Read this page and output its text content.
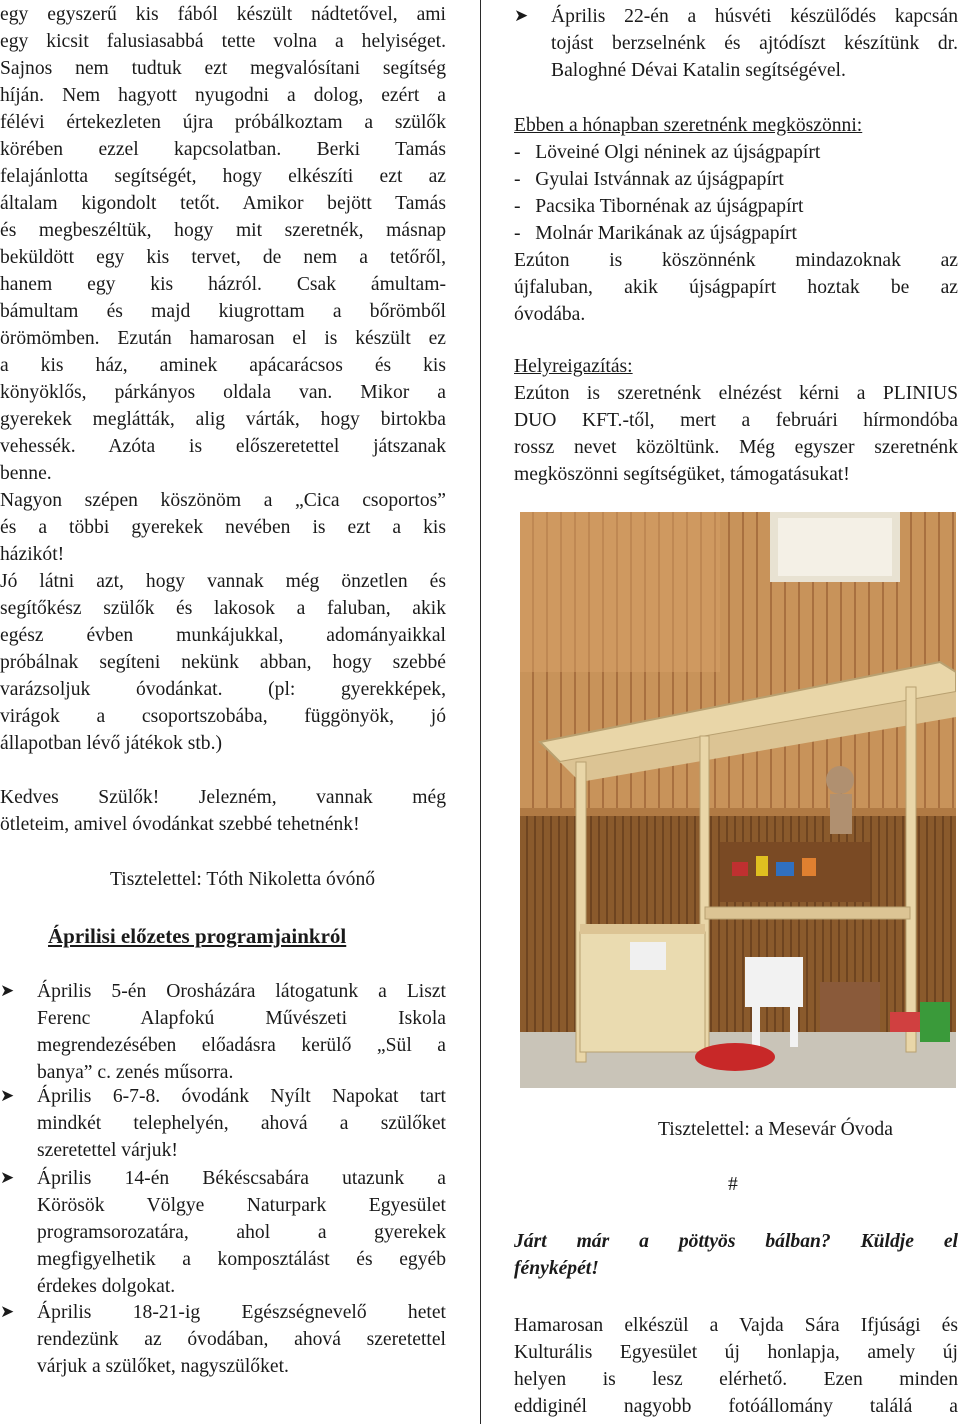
egy egyszerű kis fából készült nádtetővel, ami
egy kicsit falusiasabbá tette volna a helyiséget.
Sajnos nem tudtuk ezt megvalósítani segítség
híján. Nem hagyott nyugodni a dolog, ezért a
félévi értekezleten újra próbálkoztam a szülők
körében ezzel kapcsolatban. Berki Tamás
felajánlotta segítségét, hogy elkészíti ezt az
általam kigondolt tetőt. Amikor bejött Tamás
és megbeszéltük, hogy mit szeretnék, másnap
beküldött egy kis tervet, de nem a tetőről,
hanem egy kis házról. Csak ámultam-
bámultam és majd kiugrottam a bőrömből
örömömben. Ezután hamarosan el is készült ez
a kis ház, aminek apácarácsos és kis
könyöklős, párkányos oldala van. Mikor a
gyerekek meglátták, alig várták, hogy birtokba
vehessék. Azóta is előszeretettel játszanak
benne.
Nagyon szépen köszönöm a „Cica csoportos”
és a többi gyerekek nevében is ezt a kis
házikót!
Jó látni azt, hogy vannak még önzetlen és
segítőkész szülők és lakosok a faluban, akik
egész évben munkájukkal, adományaikkal
próbálnak segíteni nekünk abban, hogy szebbé
varázsoljuk óvodánkat. (pl: gyerekképek,
virágok a csoportszobába, függönyök, jó
állapotban lévő játékok stb.)
Kedves Szülők! Jelezném, vannak még
ötleteim, amivel óvodánkat szebbé tehetnénk!
Tisztelettel: Tóth Nikoletta óvónő
Áprilisi előzetes programjainkról
➤	Április 5-én Orosházára látogatunk a Liszt
Ferenc Alapfokú Művészeti Iskola
megrendezésében előadásra kerülő „Sül a
banya” c. zenés műsorra.
➤	Április 6-7-8. óvodánk Nyílt Napokat tart
mindkét telephelyén, ahová a szülőket
szeretettel várjuk!
➤	Április 14-én Békéscsabára utazunk a
Körösök Völgye Naturpark Egyesület
programsorozatára, ahol a gyerekek
megfigyelhetik a komposztálást és egyéb
érdekes dolgokat.
➤	Április 18-21-ig Egészségnevelő hetet
rendezünk az óvodában, ahová szeretettel
várjuk a szülőket, nagyszülőket.
➤	Április 22-én a húsvéti készülődés kapcsán
tojást berzselnénk és ajtódíszt készítünk dr.
Baloghné Dévai Katalin segítségével.
Ebben a hónapban szeretnénk megköszönni:
-   Löveiné Olgi néninek az újságpapírt
-   Gyulai Istvánnak az újságpapírt
-   Pacsika Tibornénak az újságpapírt
-   Molnár Marikának az újságpapírt
Ezúton is köszönnénk mindazoknak az
újfaluban, akik újságpapírt hoztak be az
óvodába.
Helyreigazítás:
Ezúton is szeretnénk elnézést kérni a PLINIUS
DUO KFT.-től, mert a februári hírmondóba
rossz nevet közöltünk. Még egyszer szeretnénk
megköszönni segítségüket, támogatásukat!
Tisztelettel: a Mesevár Óvoda
#
Járt már a pöttyös bálban? Küldje el
fényképét!
Hamarosan elkészül a Vajda Sára Ifjúsági és
Kulturális Egyesület új honlapja, amely új
helyen is lesz elérhető. Ezen minden
eddiginél nagyobb fotóállomány találá a
